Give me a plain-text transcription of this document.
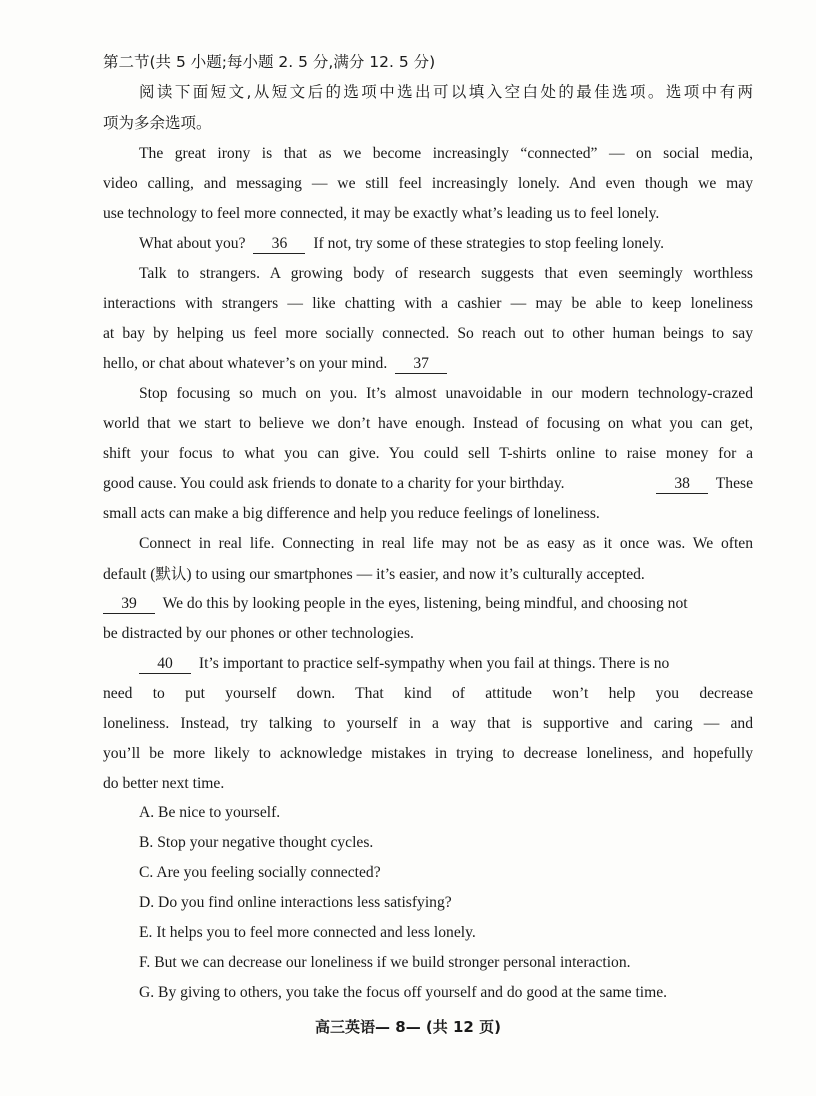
第二节(共 5 小题;每小题 2. 5 分,满分 12. 5 分)
阅读下面短文,从短文后的选项中选出可以填入空白处的最佳选项。选项中有两
项为多余选项。
The great irony is that as we become increasingly “connected” — on social media,
video calling, and messaging — we still feel increasingly lonely. And even though we may
use technology to feel more connected, it may be exactly what’s leading us to feel lonely.
What about you? 36 If not, try some of these strategies to stop feeling lonely.
Talk to strangers. A growing body of research suggests that even seemingly worthless
interactions with strangers — like chatting with a cashier — may be able to keep loneliness
at bay by helping us feel more socially connected. So reach out to other human beings to say
hello, or chat about whatever’s on your mind. 37
Stop focusing so much on you. It’s almost unavoidable in our modern technology-crazed
world that we start to believe we don’t have enough. Instead of focusing on what you can get,
shift your focus to what you can give. You could sell T-shirts online to raise money for a
good cause. You could ask friends to donate to a charity for your birthday.	38 These
small acts can make a big difference and help you reduce feelings of loneliness.
Connect in real life. Connecting in real life may not be as easy as it once was. We often
default (默认) to using our smartphones — it’s easier, and now it’s culturally accepted.
39 We do this by looking people in the eyes, listening, being mindful, and choosing not
be distracted by our phones or other technologies.
40 It’s important to practice self-sympathy when you fail at things. There is no
need to put yourself down. That kind of attitude won’t help you decrease
loneliness. Instead, try talking to yourself in a way that is supportive and caring — and
you’ll be more likely to acknowledge mistakes in trying to decrease loneliness, and hopefully
do better next time.
A. Be nice to yourself.
B. Stop your negative thought cycles.
C. Are you feeling socially connected?
D. Do you find online interactions less satisfying?
E. It helps you to feel more connected and less lonely.
F. But we can decrease our loneliness if we build stronger personal interaction.
G. By giving to others, you take the focus off yourself and do good at the same time.
高三英语— 8— (共 12 页)
